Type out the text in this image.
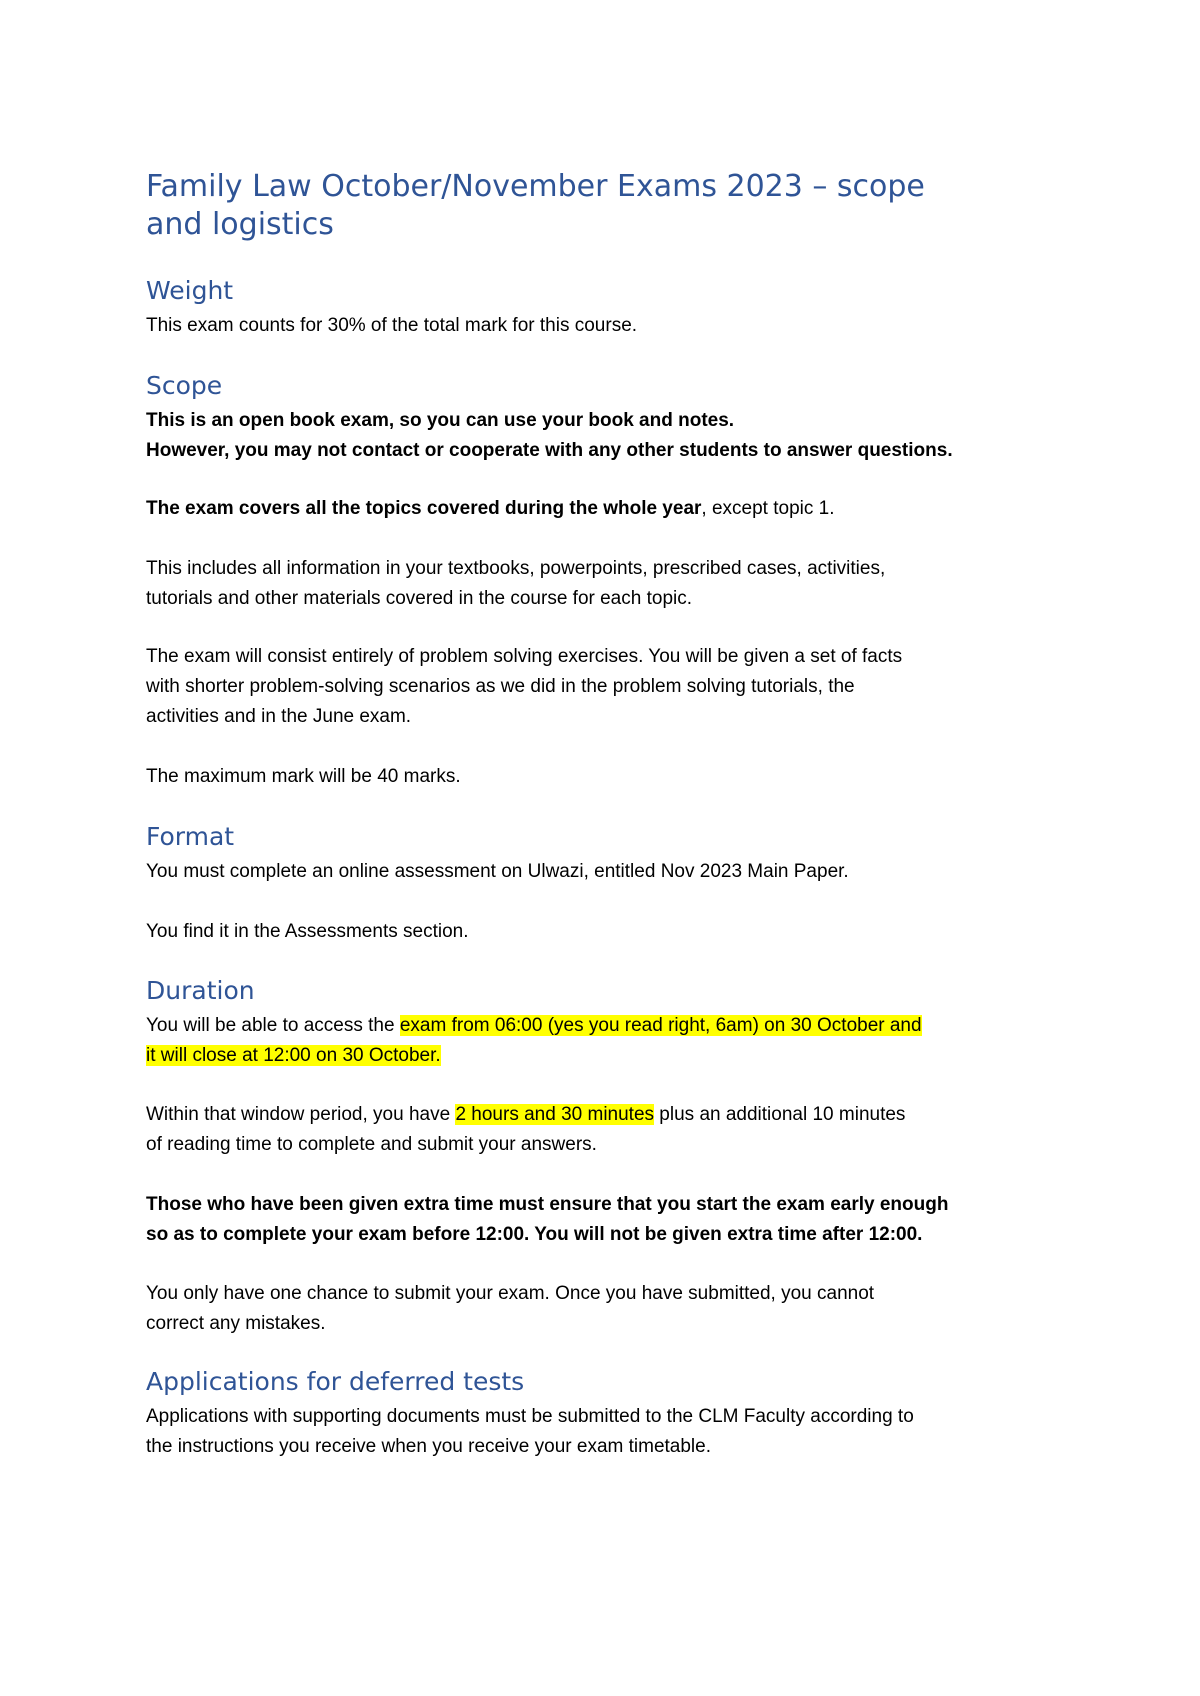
Family Law October/November Exams 2023 – scope
and logistics
Weight

This exam counts for 30% of the total mark for this course.

Scope

This is an open book exam, so you can use your book and notes.
However, you may not contact or cooperate with any other students to answer questions.

The exam covers all the topics covered during the whole year, except topic 1.

This includes all information in your textbooks, powerpoints, prescribed cases, activities,
tutorials and other materials covered in the course for each topic.

The exam will consist entirely of problem solving exercises. You will be given a set of facts
with shorter problem-solving scenarios as we did in the problem solving tutorials, the
activities and in the June exam.

The maximum mark will be 40 marks.

Format

You must complete an online assessment on Ulwazi, entitled Nov 2023 Main Paper.

You find it in the Assessments section.

Duration

You will be able to access the exam from 06:00 (yes you read right, 6am) on 30 October and
it will close at 12:00 on 30 October.

Within that window period, you have 2 hours and 30 minutes plus an additional 10 minutes
of reading time to complete and submit your answers.

Those who have been given extra time must ensure that you start the exam early enough
so as to complete your exam before 12:00. You will not be given extra time after 12:00.

You only have one chance to submit your exam. Once you have submitted, you cannot
correct any mistakes.

Applications for deferred tests

Applications with supporting documents must be submitted to the CLM Faculty according to
the instructions you receive when you receive your exam timetable.
